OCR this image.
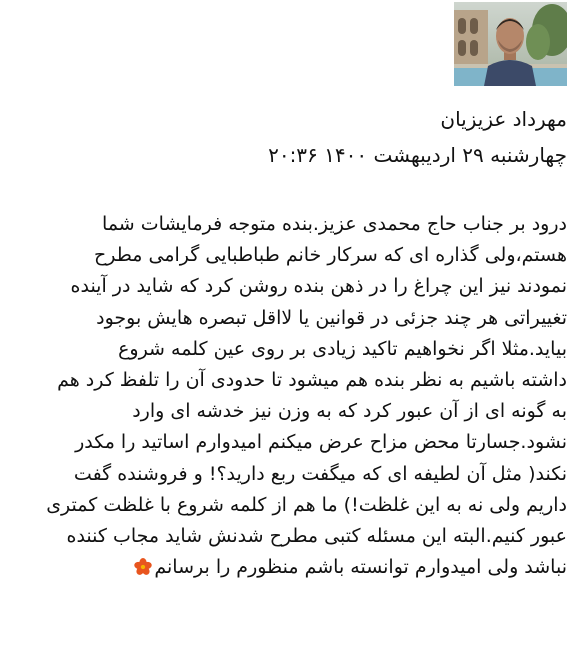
مهرداد عزیزیان
چهارشنبه ۲۹ اردیبهشت ۱۴۰۰ ۲۰:۳۶
درود بر جناب حاج محمدی عزیز.بنده متوجه فرمایشات شما
هستم،ولی گذاره ای که سرکار خانم طباطبایی گرامی مطرح
نمودند نیز این چراغ را در ذهن بنده روشن کرد که شاید در آینده
تغییراتی هر چند جزئی در قوانین یا لااقل تبصره هایش بوجود
بیاید.مثلا اگر نخواهیم تاکید زیادی بر روی عین کلمه شروع
داشته باشیم به نظر بنده هم میشود تا حدودی آن را تلفظ کرد هم
به گونه ای از آن عبور کرد که به وزن نیز خدشه ای وارد
نشود.جسارتا محض مزاح عرض میکنم امیدوارم اساتید را مکدر
نکند( مثل آن لطیفه ای که میگفت ربع دارید؟! و فروشنده گفت
داریم ولی نه به این غلظت!) ما هم از کلمه شروع با غلظت کمتری
عبور کنیم.البته این مسئله کتبی مطرح شدنش شاید مجاب کننده
نباشد ولی امیدوارم توانسته باشم منظورم را برسانم
